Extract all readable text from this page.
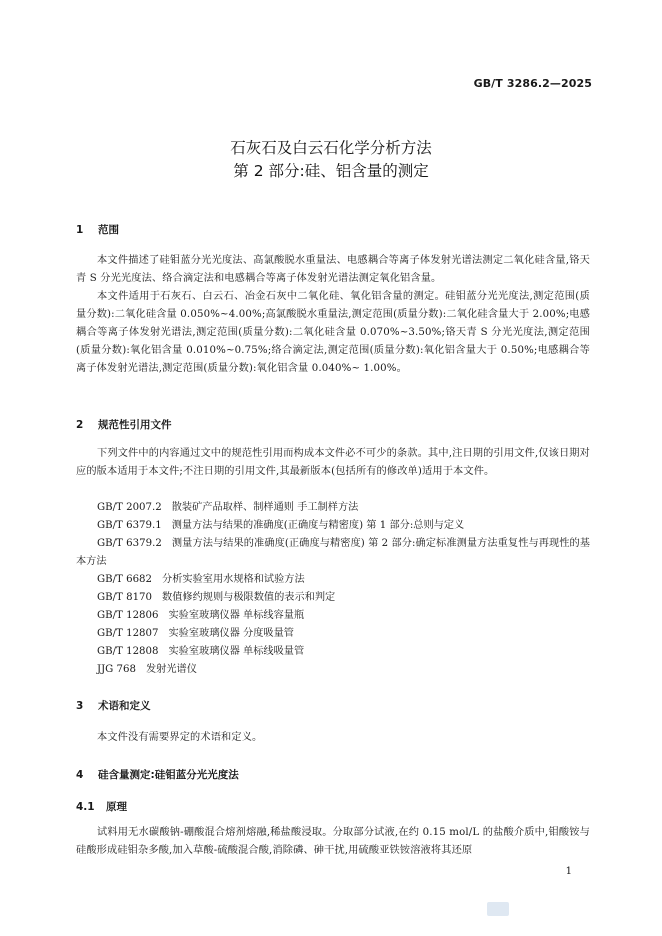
GB/T 3286.2—2025
石灰石及白云石化学分析方法
第 2 部分:硅、铝含量的测定
1 范围
本文件描述了硅钼蓝分光光度法、高氯酸脱水重量法、电感耦合等离子体发射光谱法测定二氧化硅含量,铬天青 S 分光光度法、络合滴定法和电感耦合等离子体发射光谱法测定氧化铝含量。
本文件适用于石灰石、白云石、冶金石灰中二氧化硅、氧化铝含量的测定。硅钼蓝分光光度法,测定范围(质量分数):二氧化硅含量 0.050%~4.00%;高氯酸脱水重量法,测定范围(质量分数):二氧化硅含量大于 2.00%;电感耦合等离子体发射光谱法,测定范围(质量分数):二氧化硅含量 0.070%~3.50%;铬天青 S 分光光度法,测定范围(质量分数):氧化铝含量 0.010%~0.75%;络合滴定法,测定范围(质量分数):氧化铝含量大于 0.50%;电感耦合等离子体发射光谱法,测定范围(质量分数):氧化铝含量 0.040%~ 1.00%。
2 规范性引用文件
下列文件中的内容通过文中的规范性引用而构成本文件必不可少的条款。其中,注日期的引用文件,仅该日期对应的版本适用于本文件;不注日期的引用文件,其最新版本(包括所有的修改单)适用于本文件。
GB/T 2007.2 散装矿产品取样、制样通则 手工制样方法
GB/T 6379.1 测量方法与结果的准确度(正确度与精密度) 第 1 部分:总则与定义
GB/T 6379.2 测量方法与结果的准确度(正确度与精密度) 第 2 部分:确定标准测量方法重复性与再现性的基本方法
GB/T 6682 分析实验室用水规格和试验方法
GB/T 8170 数值修约规则与极限数值的表示和判定
GB/T 12806 实验室玻璃仪器 单标线容量瓶
GB/T 12807 实验室玻璃仪器 分度吸量管
GB/T 12808 实验室玻璃仪器 单标线吸量管
JJG 768 发射光谱仪
3 术语和定义
本文件没有需要界定的术语和定义。
4 硅含量测定:硅钼蓝分光光度法
4.1 原理
试料用无水碳酸钠-硼酸混合熔剂熔融,稀盐酸浸取。分取部分试液,在约 0.15 mol/L 的盐酸介质中,钼酸铵与硅酸形成硅钼杂多酸,加入草酸-硫酸混合酸,消除磷、砷干扰,用硫酸亚铁铵溶液将其还原
1
